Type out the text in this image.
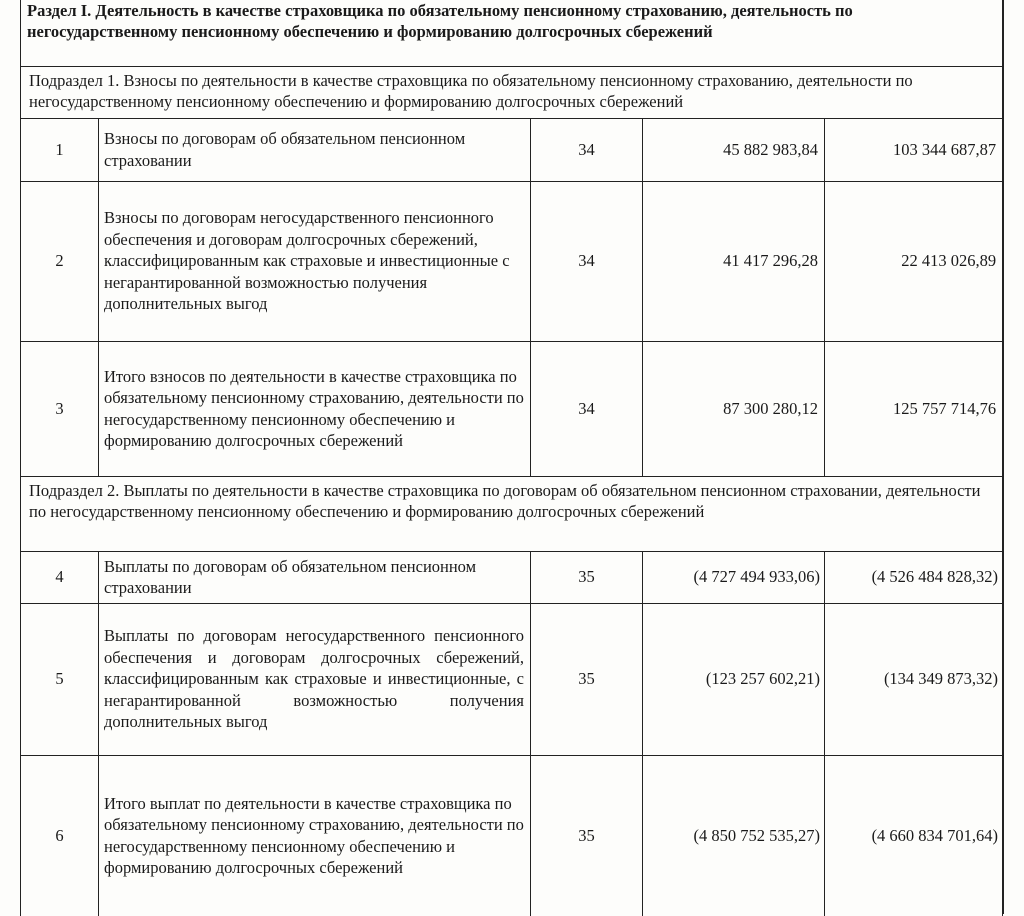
Раздел I. Деятельность в качестве страховщика по обязательному пенсионному страхованию, деятельность по негосударственному пенсионному обеспечению и формированию долгосрочных сбережений				
Подраздел 1. Взносы по деятельности в качестве страховщика по обязательному пенсионному страхованию, деятельности по негосударственному пенсионному обеспечению и формированию долгосрочных сбережений				
1	Взносы по договорам об обязательном пенсионном страховании	34	45 882 983,84	103 344 687,87
2	Взносы по договорам негосударственного пенсионного обеспечения и договорам долгосрочных сбережений, классифицированным как страховые и инвестиционные с негарантированной возможностью получения дополнительных выгод	34	41 417 296,28	22 413 026,89
3	Итого взносов по деятельности в качестве страховщика по обязательному пенсионному страхованию, деятельности по негосударственному пенсионному обеспечению и формированию долгосрочных сбережений	34	87 300 280,12	125 757 714,76
Подраздел 2. Выплаты по деятельности в качестве страховщика по договорам об обязательном пенсионном страховании, деятельности по негосударственному пенсионному обеспечению и формированию долгосрочных сбережений				
4	Выплаты по договорам об обязательном пенсионном страховании	35	(4 727 494 933,06)	(4 526 484 828,32)
5	Выплаты по договорам негосударственного пенсионного обеспечения и договорам долгосрочных сбережений, классифицированным как страховые и инвестиционные, с негарантированной возможностью получения дополнительных выгод	35	(123 257 602,21)	(134 349 873,32)
6	Итого выплат по деятельности в качестве страховщика по обязательному пенсионному страхованию, деятельности по негосударственному пенсионному обеспечению и формированию долгосрочных сбережений	35	(4 850 752 535,27)	(4 660 834 701,64)
